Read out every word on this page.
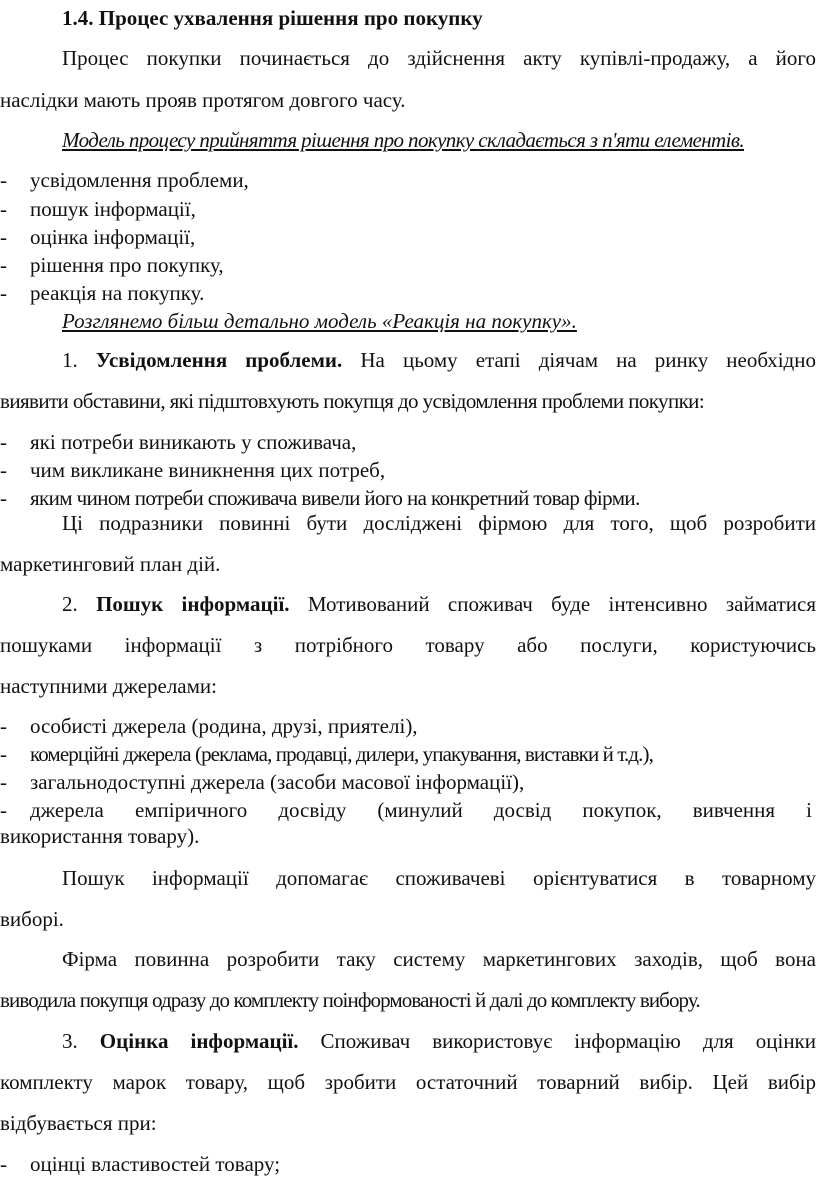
1.4. Процес ухвалення рішення про покупку

Процес покупки починається до здійснення акту купівлі-продажу, а його

наслідки мають прояв протягом довгого часу.

Модель процесу прийняття рішення про покупку складається з п'яти елементів.

- усвідомлення проблеми,
- пошук інформації,
- оцінка інформації,
- рішення про покупку,
- реакція на покупку.

Розглянемо більш детально модель «Реакція на покупку».

1. Усвідомлення проблеми. На цьому етапі діячам на ринку необхідно

виявити обставини, які підштовхують покупця до усвідомлення проблеми покупки:

- які потреби виникають у споживача,
- чим викликане виникнення цих потреб,
- яким чином потреби споживача вивели його на конкретний товар фірми.

Ці подразники повинні бути досліджені фірмою для того, щоб розробити

маркетинговий план дій.

2. Пошук інформації. Мотивований споживач буде інтенсивно займатися

пошуками інформації з потрібного товару або послуги, користуючись

наступними джерелами:

- особисті джерела (родина, друзі, приятелі),
- комерційні джерела (реклама, продавці, дилери, упакування, виставки й т.д.),
- загальнодоступні джерела (засоби масової інформації),
- джерела емпіричного досвіду (минулий досвід покупок, вивчення і

використання товару).

Пошук інформації допомагає споживачеві орієнтуватися в товарному

виборі.

Фірма повинна розробити таку систему маркетингових заходів, щоб вона

виводила покупця одразу до комплекту поінформованості й далі до комплекту вибору.

3. Оцінка інформації. Споживач використовує інформацію для оцінки

комплекту марок товару, щоб зробити остаточний товарний вибір. Цей вибір

відбувається при:

- оцінці властивостей товару;
